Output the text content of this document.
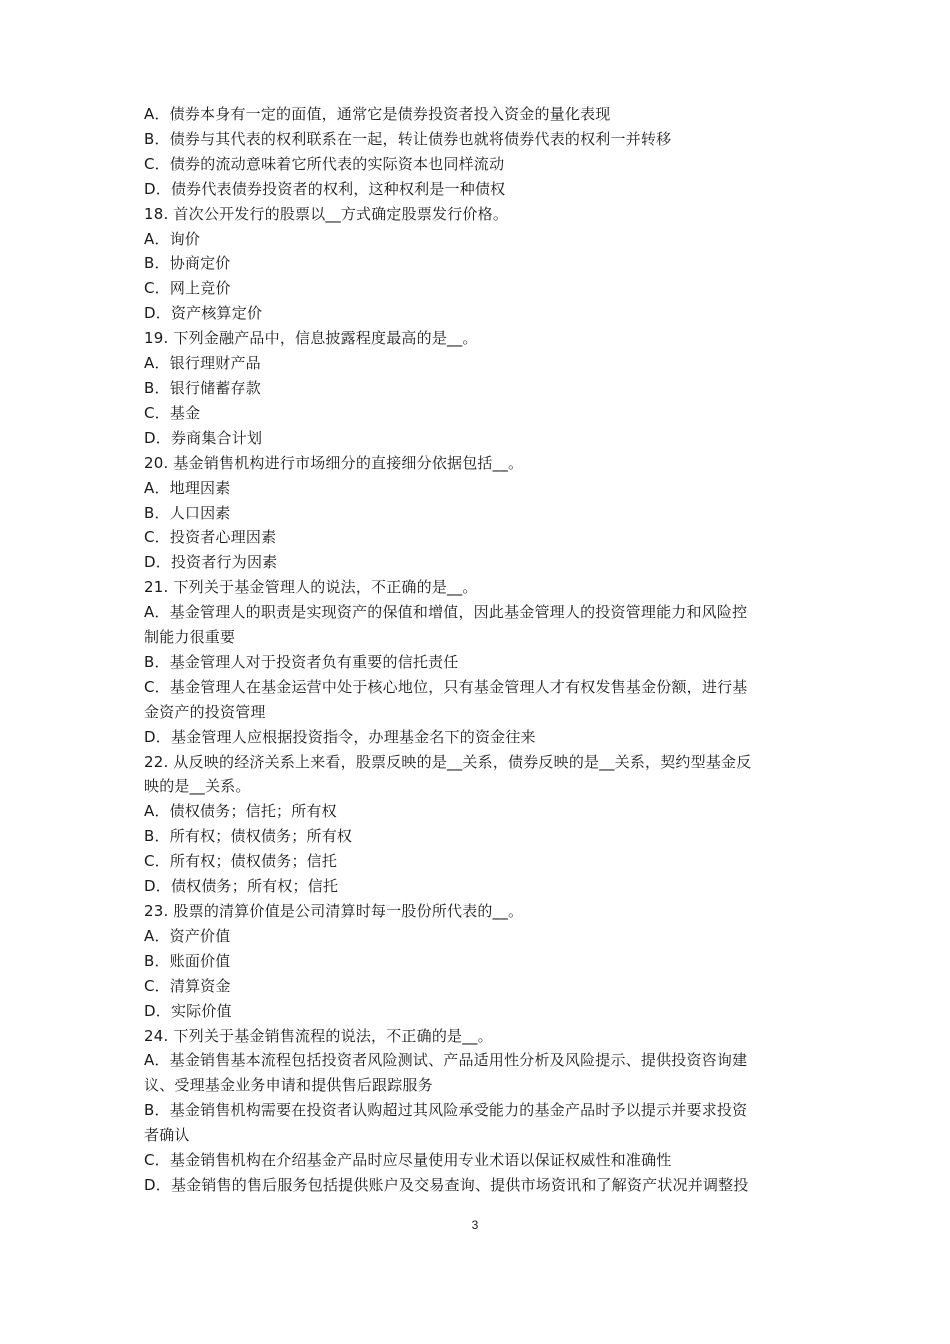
A．债券本身有一定的面值，通常它是债券投资者投入资金的量化表现
B．债券与其代表的权利联系在一起，转让债券也就将债券代表的权利一并转移
C．债券的流动意味着它所代表的实际资本也同样流动
D．债券代表债券投资者的权利，这种权利是一种债权
18. 首次公开发行的股票以__方式确定股票发行价格。
A．询价
B．协商定价
C．网上竞价
D．资产核算定价
19. 下列金融产品中，信息披露程度最高的是__。
A．银行理财产品
B．银行储蓄存款
C．基金
D．券商集合计划
20. 基金销售机构进行市场细分的直接细分依据包括__。
A．地理因素
B．人口因素
C．投资者心理因素
D．投资者行为因素
21. 下列关于基金管理人的说法，不正确的是__。
A．基金管理人的职责是实现资产的保值和增值，因此基金管理人的投资管理能力和风险控
制能力很重要
B．基金管理人对于投资者负有重要的信托责任
C．基金管理人在基金运营中处于核心地位，只有基金管理人才有权发售基金份额，进行基
金资产的投资管理
D．基金管理人应根据投资指令，办理基金名下的资金往来
22. 从反映的经济关系上来看，股票反映的是__关系，债券反映的是__关系，契约型基金反
映的是__关系。
A．债权债务；信托；所有权
B．所有权；债权债务；所有权
C．所有权；债权债务；信托
D．债权债务；所有权；信托
23. 股票的清算价值是公司清算时每一股份所代表的__。
A．资产价值
B．账面价值
C．清算资金
D．实际价值
24. 下列关于基金销售流程的说法，不正确的是__。
A．基金销售基本流程包括投资者风险测试、产品适用性分析及风险提示、提供投资咨询建
议、受理基金业务申请和提供售后跟踪服务
B．基金销售机构需要在投资者认购超过其风险承受能力的基金产品时予以提示并要求投资
者确认
C．基金销售机构在介绍基金产品时应尽量使用专业术语以保证权威性和准确性
D．基金销售的售后服务包括提供账户及交易查询、提供市场资讯和了解资产状况并调整投
3
